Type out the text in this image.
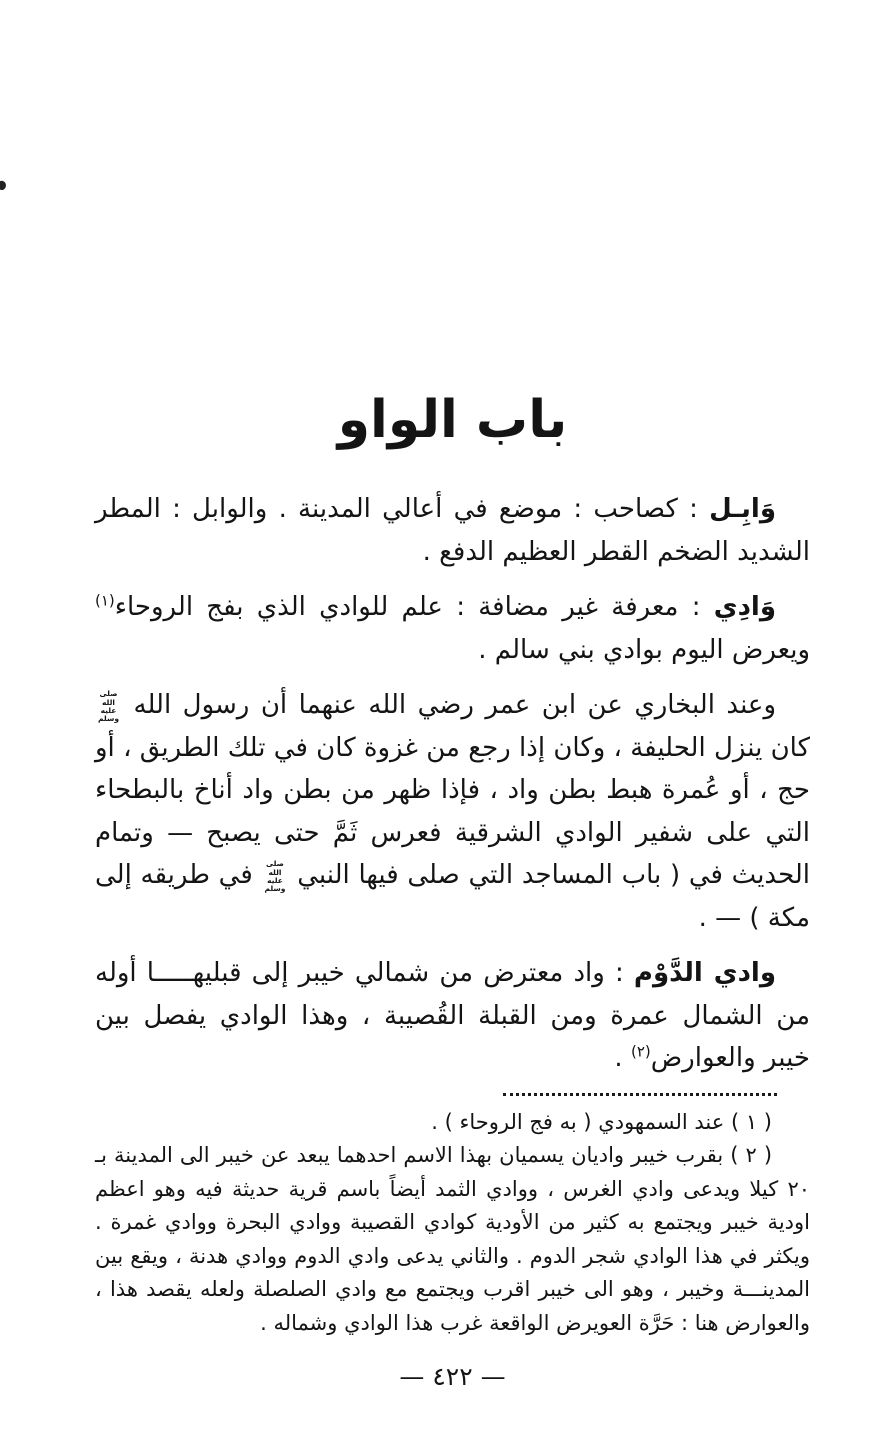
باب الواو

وَابِـل : كصاحب : موضع في أعالي المدينة . والوابل : المطر الشديد الضخم القطر العظيم الدفع .

وَادِي : معرفة غير مضافة : علم للوادي الذي بفج الروحاء$^{(١)}$ ويعرض اليوم بوادي بني سالم .

وعند البخاري عن ابن عمر رضي الله عنهما أن رسول الله صلى الله عليه وسلم كان ينزل الحليفة ، وكان إذا رجع من غزوة كان في تلك الطريق ، أو حج ، أو عُمرة هبط بطن واد ، فإذا ظهر من بطن واد أناخ بالبطحاء التي على شفير الوادي الشرقية فعرس ثَمَّ حتى يصبح — وتمام الحديث في ( باب المساجد التي صلى فيها النبي صلى الله عليه وسلم في طريقه إلى مكة ) — .

وادي الدَّوْم : واد معترض من شمالي خيبر إلى قبليهـــــا أوله من الشمال عمرة ومن القبلة القُصيبة ، وهذا الوادي يفصل بين خيبر والعوارض$^{(٢)}$ .

( ١ ) عند السمهودي ( به فج الروحاء ) .

( ٢ ) بقرب خيبر واديان يسميان بهذا الاسم احدهما يبعد عن خيبر الى المدينة بـ ٢٠ كيلا ويدعى وادي الغرس ، ووادي الثمد أيضاً باسم قرية حديثة فيه وهو اعظم اودية خيبر ويجتمع به كثير من الأودية كوادي القصيبة ووادي البحرة ووادي غمرة . ويكثر في هذا الوادي شجر الدوم . والثاني يدعى وادي الدوم ووادي هدنة ، ويقع بين المدينـــة وخيبر ، وهو الى خيبر اقرب ويجتمع مع وادي الصلصلة ولعله يقصد هذا ، والعوارض هنا : حَرَّة العويرض الواقعة غرب هذا الوادي وشماله .

— ٤٢٢ —
